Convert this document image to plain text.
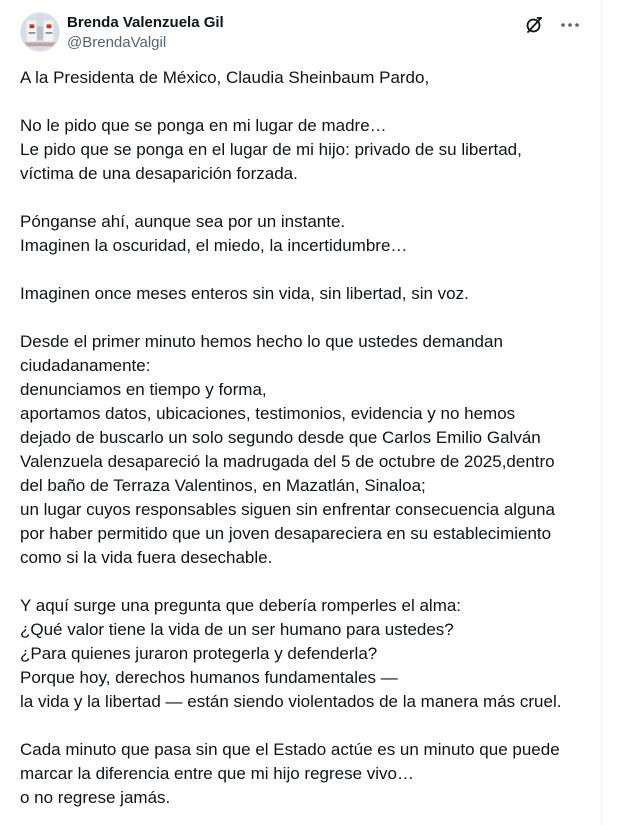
Brenda Valenzuela Gil
@BrendaValgil
A la Presidenta de México, Claudia Sheinbaum Pardo,
No le pido que se ponga en mi lugar de madre…
Le pido que se ponga en el lugar de mi hijo: privado de su libertad,
víctima de una desaparición forzada.
Pónganse ahí, aunque sea por un instante.
Imaginen la oscuridad, el miedo, la incertidumbre…
Imaginen once meses enteros sin vida, sin libertad, sin voz.
Desde el primer minuto hemos hecho lo que ustedes demandan
ciudadanamente:
denunciamos en tiempo y forma,
aportamos datos, ubicaciones, testimonios, evidencia y no hemos
dejado de buscarlo un solo segundo desde que Carlos Emilio Galván
Valenzuela desapareció la madrugada del 5 de octubre de 2025,dentro
del baño de Terraza Valentinos, en Mazatlán, Sinaloa;
un lugar cuyos responsables siguen sin enfrentar consecuencia alguna
por haber permitido que un joven desapareciera en su establecimiento
como si la vida fuera desechable.
Y aquí surge una pregunta que debería romperles el alma:
¿Qué valor tiene la vida de un ser humano para ustedes?
¿Para quienes juraron protegerla y defenderla?
Porque hoy, derechos humanos fundamentales —
la vida y la libertad — están siendo violentados de la manera más cruel.
Cada minuto que pasa sin que el Estado actúe es un minuto que puede
marcar la diferencia entre que mi hijo regrese vivo…
o no regrese jamás.
